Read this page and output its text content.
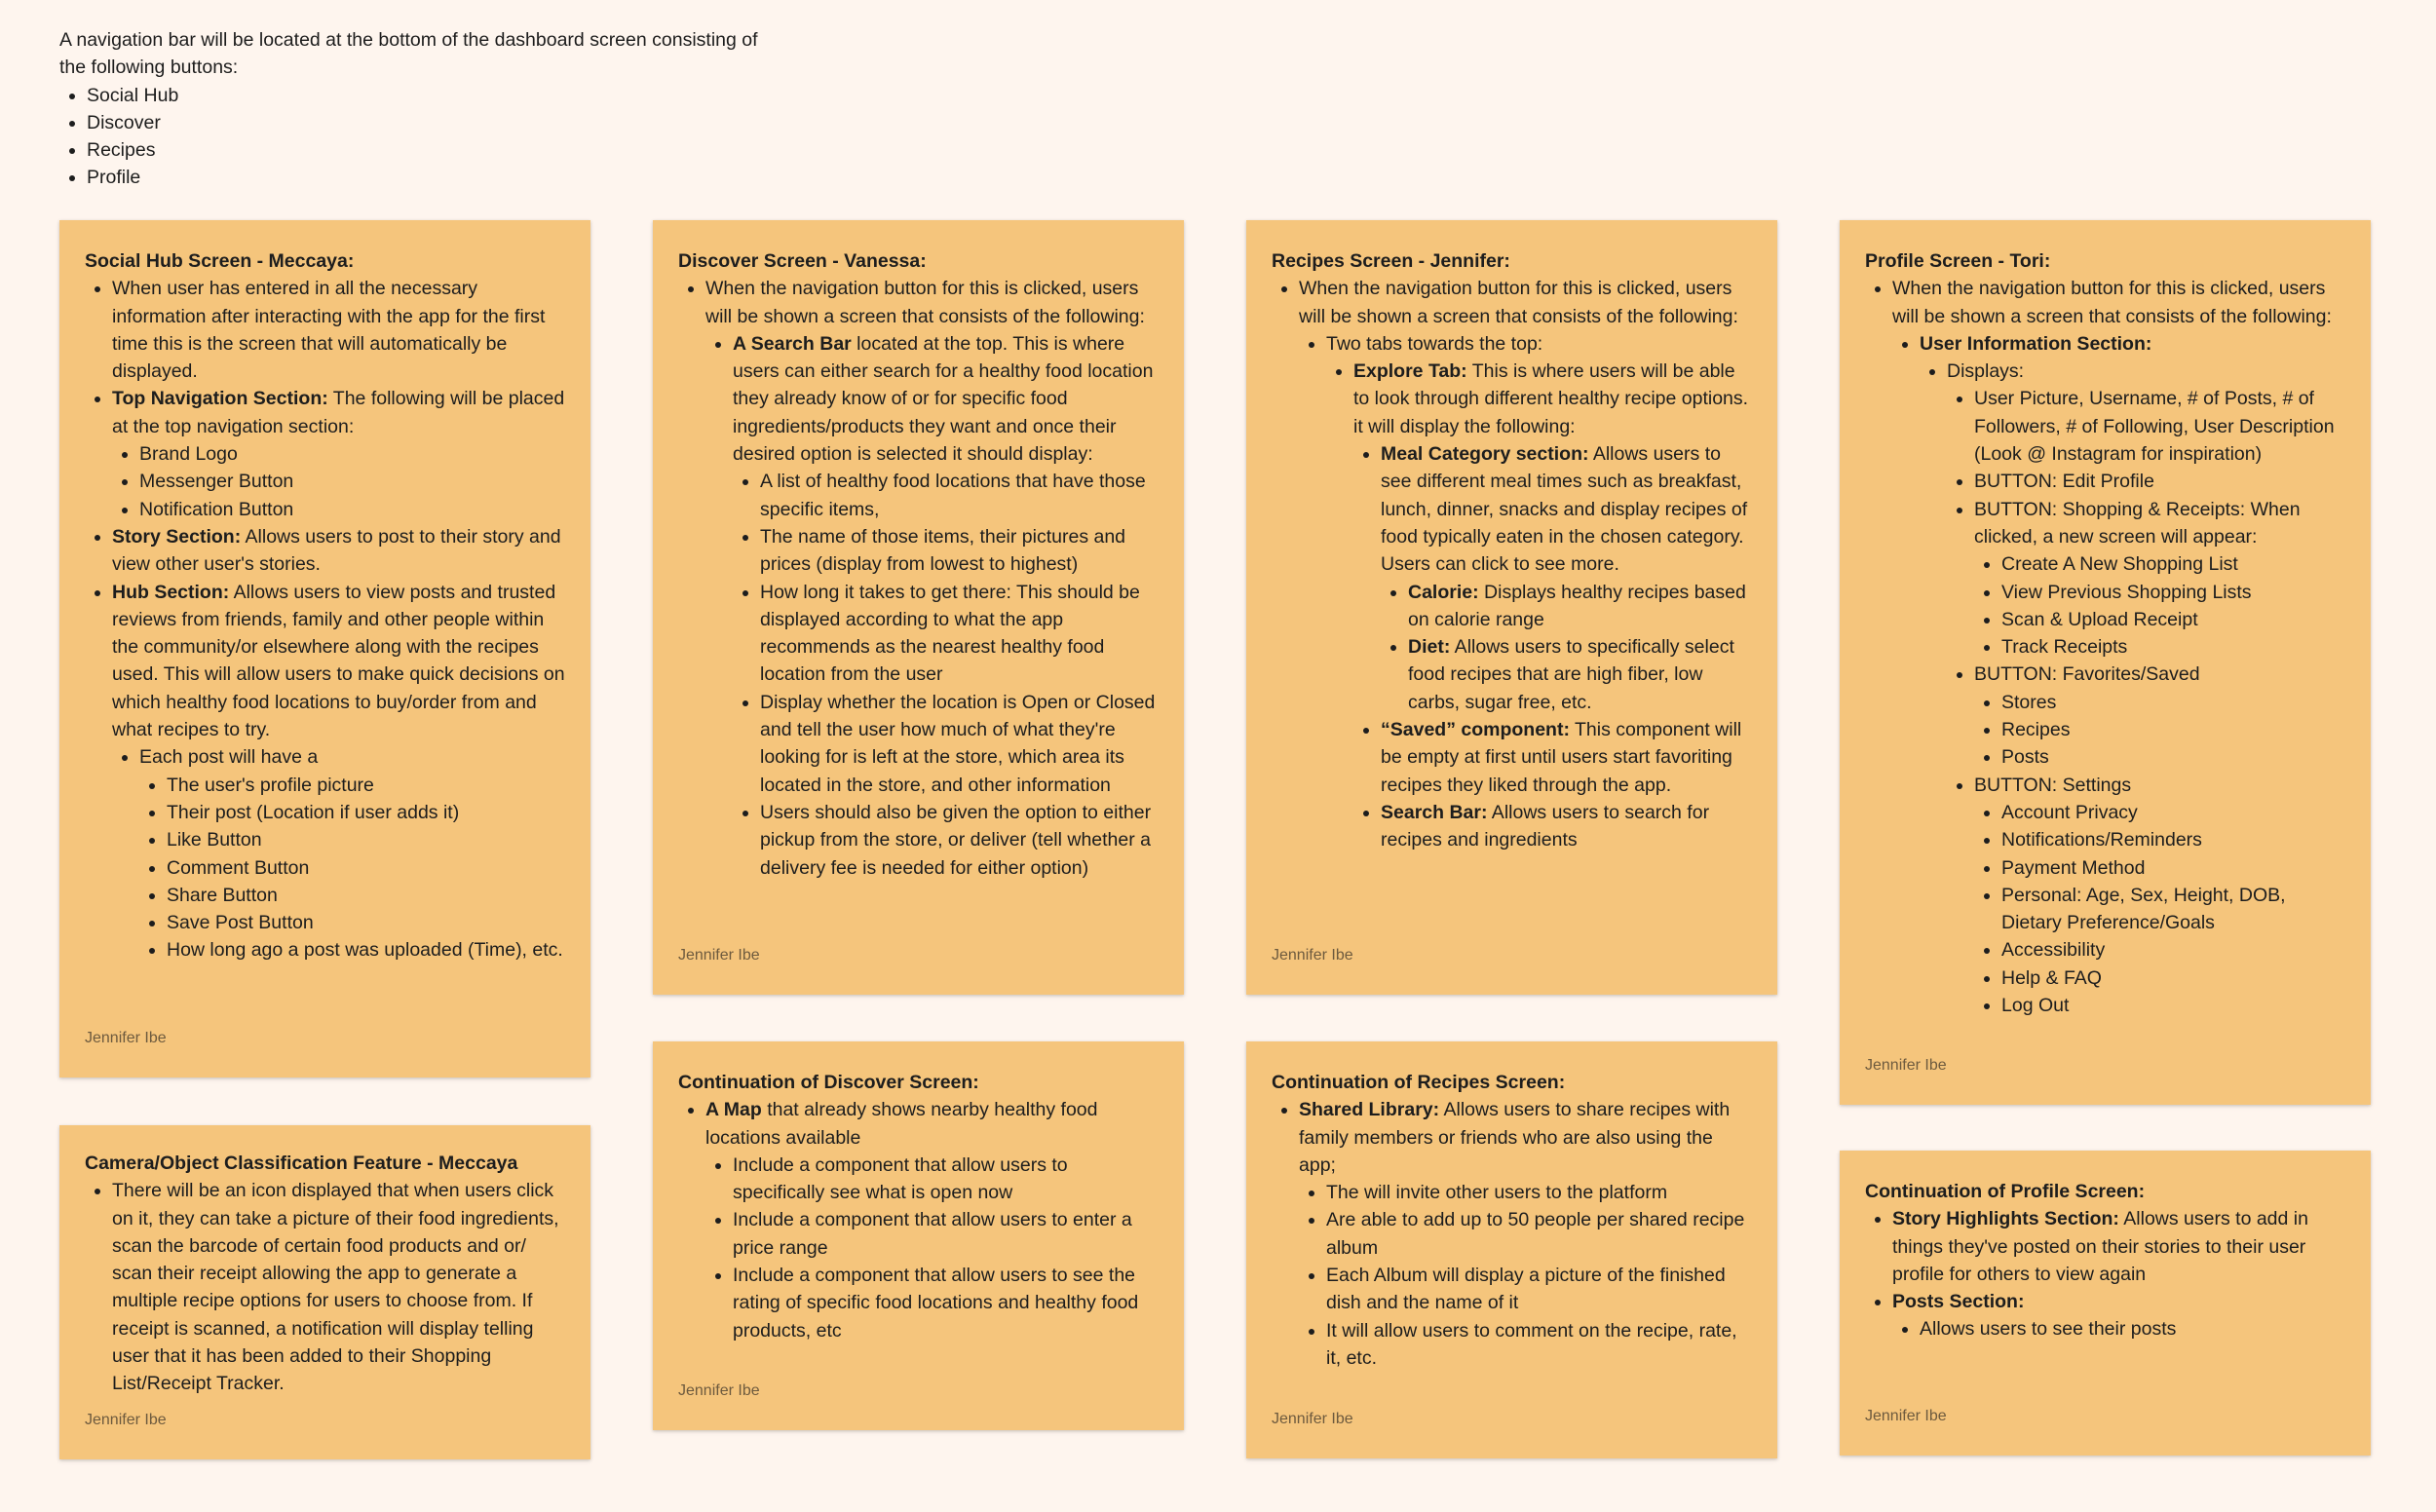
A navigation bar will be located at the bottom of the dashboard screen consisting of the following buttons:

• Social Hub
• Discover
• Recipes
• Profile

Social Hub Screen - Meccaya:

• When user has entered in all the necessary information after interacting with the app for the first time this is the screen that will automatically be displayed.
• Top Navigation Section: The following will be placed at the top navigation section:
• Brand Logo
• Messenger Button
• Notification Button
• Story Section: Allows users to post to their story and view other user's stories.
• Hub Section: Allows users to view posts and trusted reviews from friends, family and other people within the community/or elsewhere along with the recipes used. This will allow users to make quick decisions on which healthy food locations to buy/order from and what recipes to try.
• Each post will have a
• The user's profile picture
• Their post (Location if user adds it)
• Like Button
• Comment Button
• Share Button
• Save Post Button
• How long ago a post was uploaded (Time), etc.
Jennifer Ibe

Camera/Object Classification Feature - Meccaya

• There will be an icon displayed that when users click on it, they can take a picture of their food ingredients, scan the barcode of certain food products and or/ scan their receipt allowing the app to generate a multiple recipe options for users to choose from. If receipt is scanned, a notification will display telling user that it has been added to their Shopping List/Receipt Tracker.
Jennifer Ibe

Discover Screen - Vanessa:

• When the navigation button for this is clicked, users will be shown a screen that consists of the following:
• A Search Bar located at the top. This is where users can either search for a healthy food location they already know of or for specific food ingredients/products they want and once their desired option is selected it should display:
• A list of healthy food locations that have those specific items,
• The name of those items, their pictures and prices (display from lowest to highest)
• How long it takes to get there: This should be displayed according to what the app recommends as the nearest healthy food location from the user
• Display whether the location is Open or Closed and tell the user how much of what they're looking for is left at the store, which area its located in the store, and other information
• Users should also be given the option to either pickup from the store, or deliver (tell whether a delivery fee is needed for either option)
Jennifer Ibe

Continuation of Discover Screen:

• A Map that already shows nearby healthy food locations available
• Include a component that allow users to specifically see what is open now
• Include a component that allow users to enter a price range
• Include a component that allow users to see the rating of specific food locations and healthy food products, etc
Jennifer Ibe

Recipes Screen - Jennifer:

• When the navigation button for this is clicked, users will be shown a screen that consists of the following:
• Two tabs towards the top:
• Explore Tab: This is where users will be able to look through different healthy recipe options. it will display the following:
• Meal Category section: Allows users to see different meal times such as breakfast, lunch, dinner, snacks and display recipes of food typically eaten in the chosen category. Users can click to see more.
• Calorie: Displays healthy recipes based on calorie range
• Diet: Allows users to specifically select food recipes that are high fiber, low carbs, sugar free, etc.
• “Saved” component: This component will be empty at first until users start favoriting recipes they liked through the app.
• Search Bar: Allows users to search for recipes and ingredients
Jennifer Ibe

Continuation of Recipes Screen:

• Shared Library: Allows users to share recipes with family members or friends who are also using the app;
• The will invite other users to the platform
• Are able to add up to 50 people per shared recipe album
• Each Album will display a picture of the finished dish and the name of it
• It will allow users to comment on the recipe, rate, it, etc.
Jennifer Ibe

Profile Screen - Tori:

• When the navigation button for this is clicked, users will be shown a screen that consists of the following:
• User Information Section:
• Displays:
• User Picture, Username, # of Posts, # of Followers, # of Following, User Description (Look @ Instagram for inspiration)
• BUTTON: Edit Profile
• BUTTON: Shopping & Receipts: When clicked, a new screen will appear:
• Create A New Shopping List
• View Previous Shopping Lists
• Scan & Upload Receipt
• Track Receipts
• BUTTON: Favorites/Saved
• Stores
• Recipes
• Posts
• BUTTON: Settings
• Account Privacy
• Notifications/Reminders
• Payment Method
• Personal: Age, Sex, Height, DOB, Dietary Preference/Goals
• Accessibility
• Help & FAQ
• Log Out
Jennifer Ibe

Continuation of Profile Screen:

• Story Highlights Section: Allows users to add in things they've posted on their stories to their user profile for others to view again
• Posts Section:
• Allows users to see their posts
Jennifer Ibe
